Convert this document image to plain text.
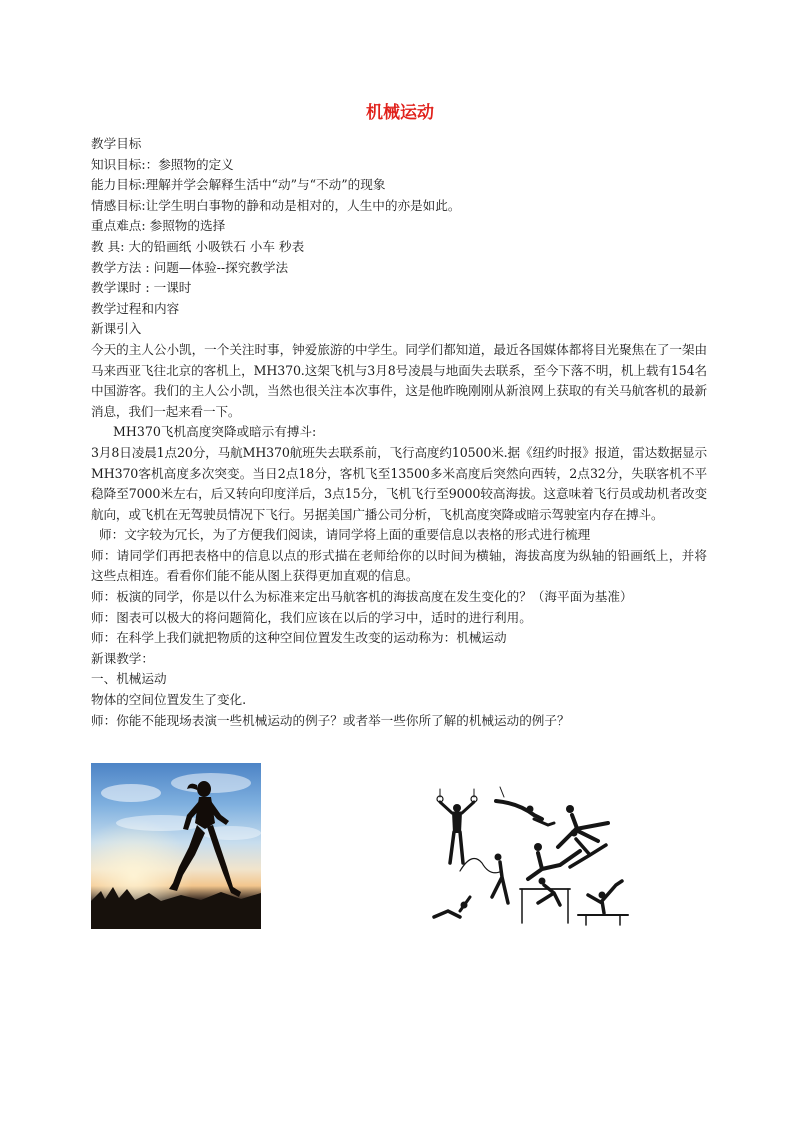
机械运动
教学目标
知识目标:：参照物的定义
能力目标:理解并学会解释生活中“动”与“不动”的现象
情感目标:让学生明白事物的静和动是相对的，人生中的亦是如此。
重点难点: 参照物的选择
教 具: 大的铅画纸 小吸铁石 小车 秒表
教学方法 : 问题—体验--探究教学法
教学课时 : 一课时
教学过程和内容
新课引入
今天的主人公小凯，一个关注时事，钟爱旅游的中学生。同学们都知道，最近各国媒体都将目光聚焦在了一架由马来西亚飞往北京的客机上，MH370.这架飞机与3月8号凌晨与地面失去联系，至今下落不明，机上载有154名中国游客。我们的主人公小凯，当然也很关注本次事件，这是他昨晚刚刚从新浪网上获取的有关马航客机的最新消息，我们一起来看一下。
MH370飞机高度突降或暗示有搏斗:
3月8日凌晨1点20分，马航MH370航班失去联系前，飞行高度约10500米.据《纽约时报》报道，雷达数据显示MH370客机高度多次突变。当日2点18分，客机飞至13500多米高度后突然向西转，2点32分，失联客机不平稳降至7000米左右，后又转向印度洋后，3点15分，飞机飞行至9000较高海拔。这意味着飞行员或劫机者改变航向，或飞机在无驾驶员情况下飞行。另据美国广播公司分析，飞机高度突降或暗示驾驶室内存在搏斗。
师：文字较为冗长，为了方便我们阅读，请同学将上面的重要信息以表格的形式进行梳理
师：请同学们再把表格中的信息以点的形式描在老师给你的以时间为横轴，海拔高度为纵轴的铅画纸上，并将这些点相连。看看你们能不能从图上获得更加直观的信息。
师：板演的同学，你是以什么为标准来定出马航客机的海拔高度在发生变化的？（海平面为基准）
师：图表可以极大的将问题简化，我们应该在以后的学习中，适时的进行利用。
师：在科学上我们就把物质的这种空间位置发生改变的运动称为：机械运动
新课教学：
一、机械运动
物体的空间位置发生了变化.
师：你能不能现场表演一些机械运动的例子？或者举一些你所了解的机械运动的例子？
